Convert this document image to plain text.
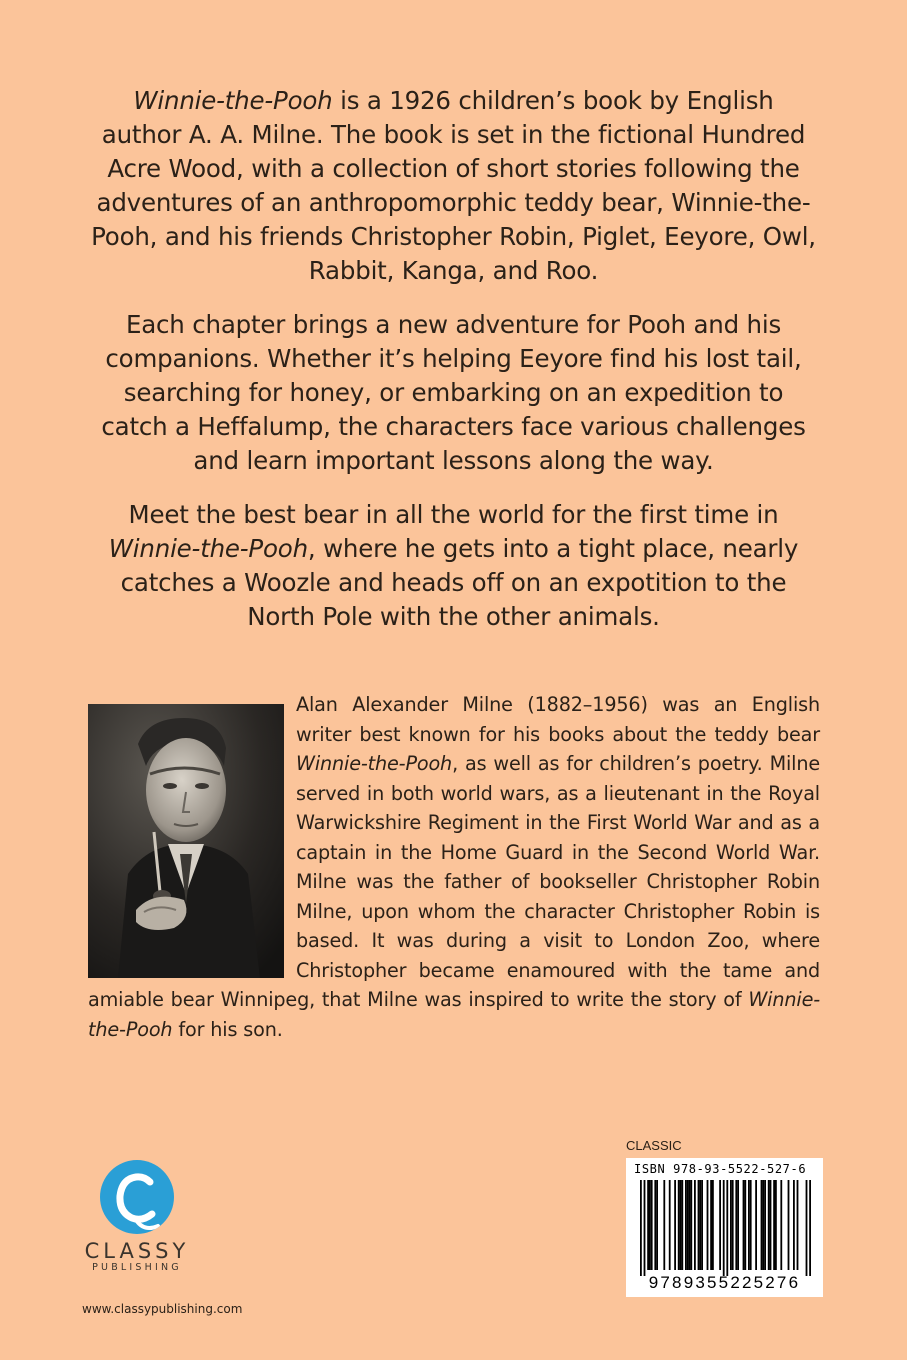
Winnie-the-Pooh is a 1926 children’s book by English author A. A. Milne. The book is set in the fictional Hundred Acre Wood, with a collection of short stories following the adventures of an anthropomorphic teddy bear, Winnie-the-Pooh, and his friends Christopher Robin, Piglet, Eeyore, Owl, Rabbit, Kanga, and Roo.

Each chapter brings a new adventure for Pooh and his companions. Whether it’s helping Eeyore find his lost tail, searching for honey, or embarking on an expedition to catch a Heffalump, the characters face various challenges and learn important lessons along the way.

Meet the best bear in all the world for the first time in Winnie-the-Pooh, where he gets into a tight place, nearly catches a Woozle and heads off on an expotition to the North Pole with the other animals.

Alan Alexander Milne (1882–1956) was an English writer best known for his books about the teddy bear Winnie-the-Pooh, as well as for children’s poetry. Milne served in both world wars, as a lieutenant in the Royal Warwickshire Regiment in the First World War and as a captain in the Home Guard in the Second World War. Milne was the father of bookseller Christopher Robin Milne, upon whom the character Christopher Robin is based. It was during a visit to London Zoo, where Christopher became enamoured with the tame and amiable bear Winnipeg, that Milne was inspired to write the story of Winnie-the-Pooh for his son.
CLASSY
PUBLISHING
www.classypublishing.com
CLASSIC
ISBN 978-93-5522-527-6
9789355225276
